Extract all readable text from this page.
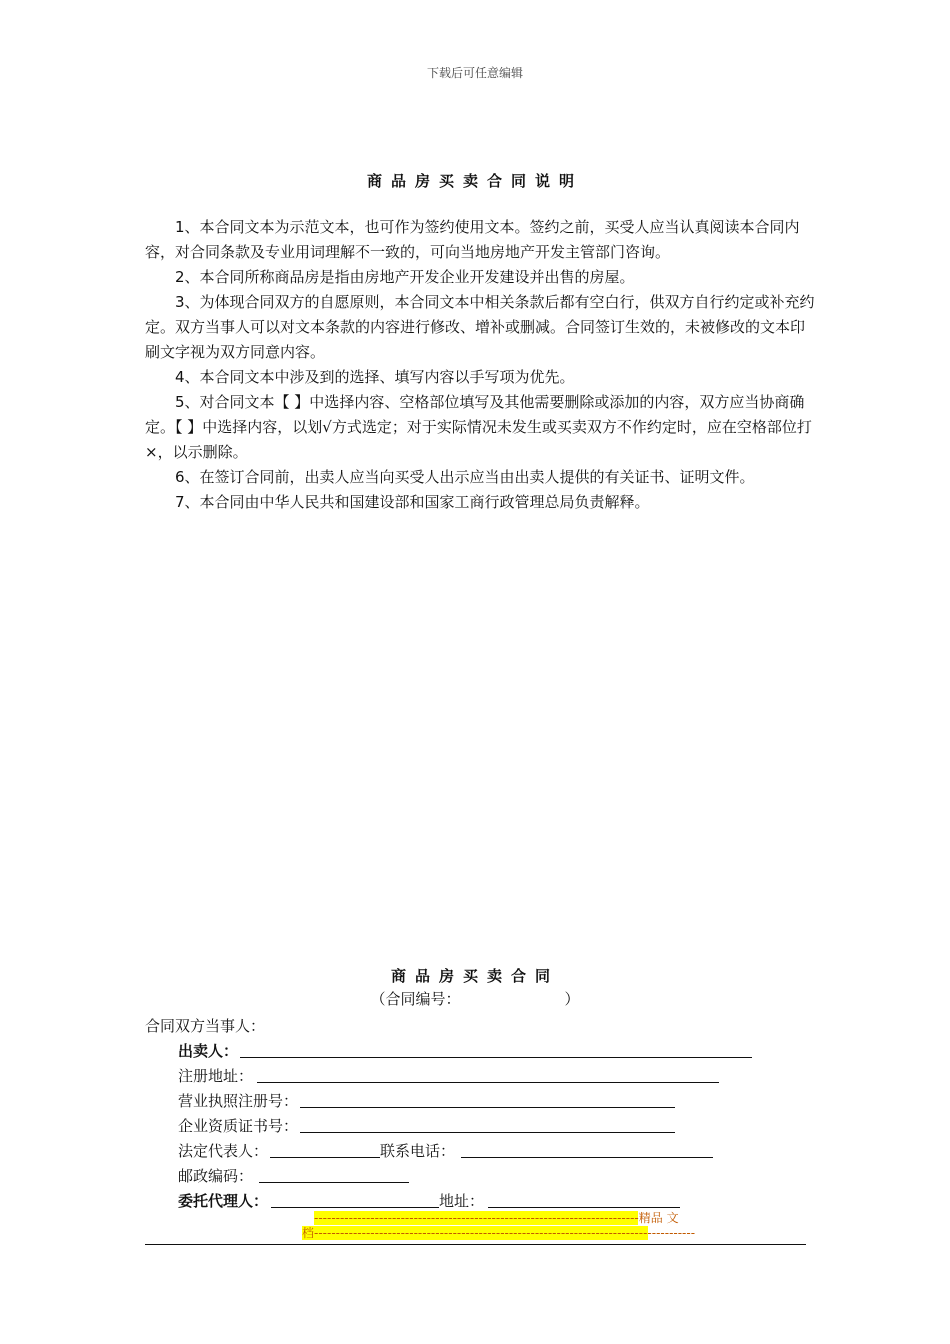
下载后可任意编辑
商品房买卖合同说明

1、本合同文本为示范文本，也可作为签约使用文本。签约之前，买受人应当认真阅读本合同内容，对合同条款及专业用词理解不一致的，可向当地房地产开发主管部门咨询。

2、本合同所称商品房是指由房地产开发企业开发建设并出售的房屋。

3、为体现合同双方的自愿原则，本合同文本中相关条款后都有空白行，供双方自行约定或补充约定。双方当事人可以对文本条款的内容进行修改、增补或删减。合同签订生效的，未被修改的文本印刷文字视为双方同意内容。

4、本合同文本中涉及到的选择、填写内容以手写项为优先。

5、对合同文本【 】中选择内容、空格部位填写及其他需要删除或添加的内容，双方应当协商确定。【 】中选择内容，以划√方式选定；对于实际情况未发生或买卖双方不作约定时，应在空格部位打×，以示删除。

6、在签订合同前，出卖人应当向买受人出示应当由出卖人提供的有关证书、证明文件。

7、本合同由中华人民共和国建设部和国家工商行政管理总局负责解释。

商品房买卖合同
（合同编号：	）
合同双方当事人：
出卖人：
注册地址：
营业执照注册号：
企业资质证书号：
法定代表人：	联系电话：
邮政编码：
委托代理人：	地址：
---------------------------------------------------------------------------精品 文
档----------------------------------------------------------------------------------------
